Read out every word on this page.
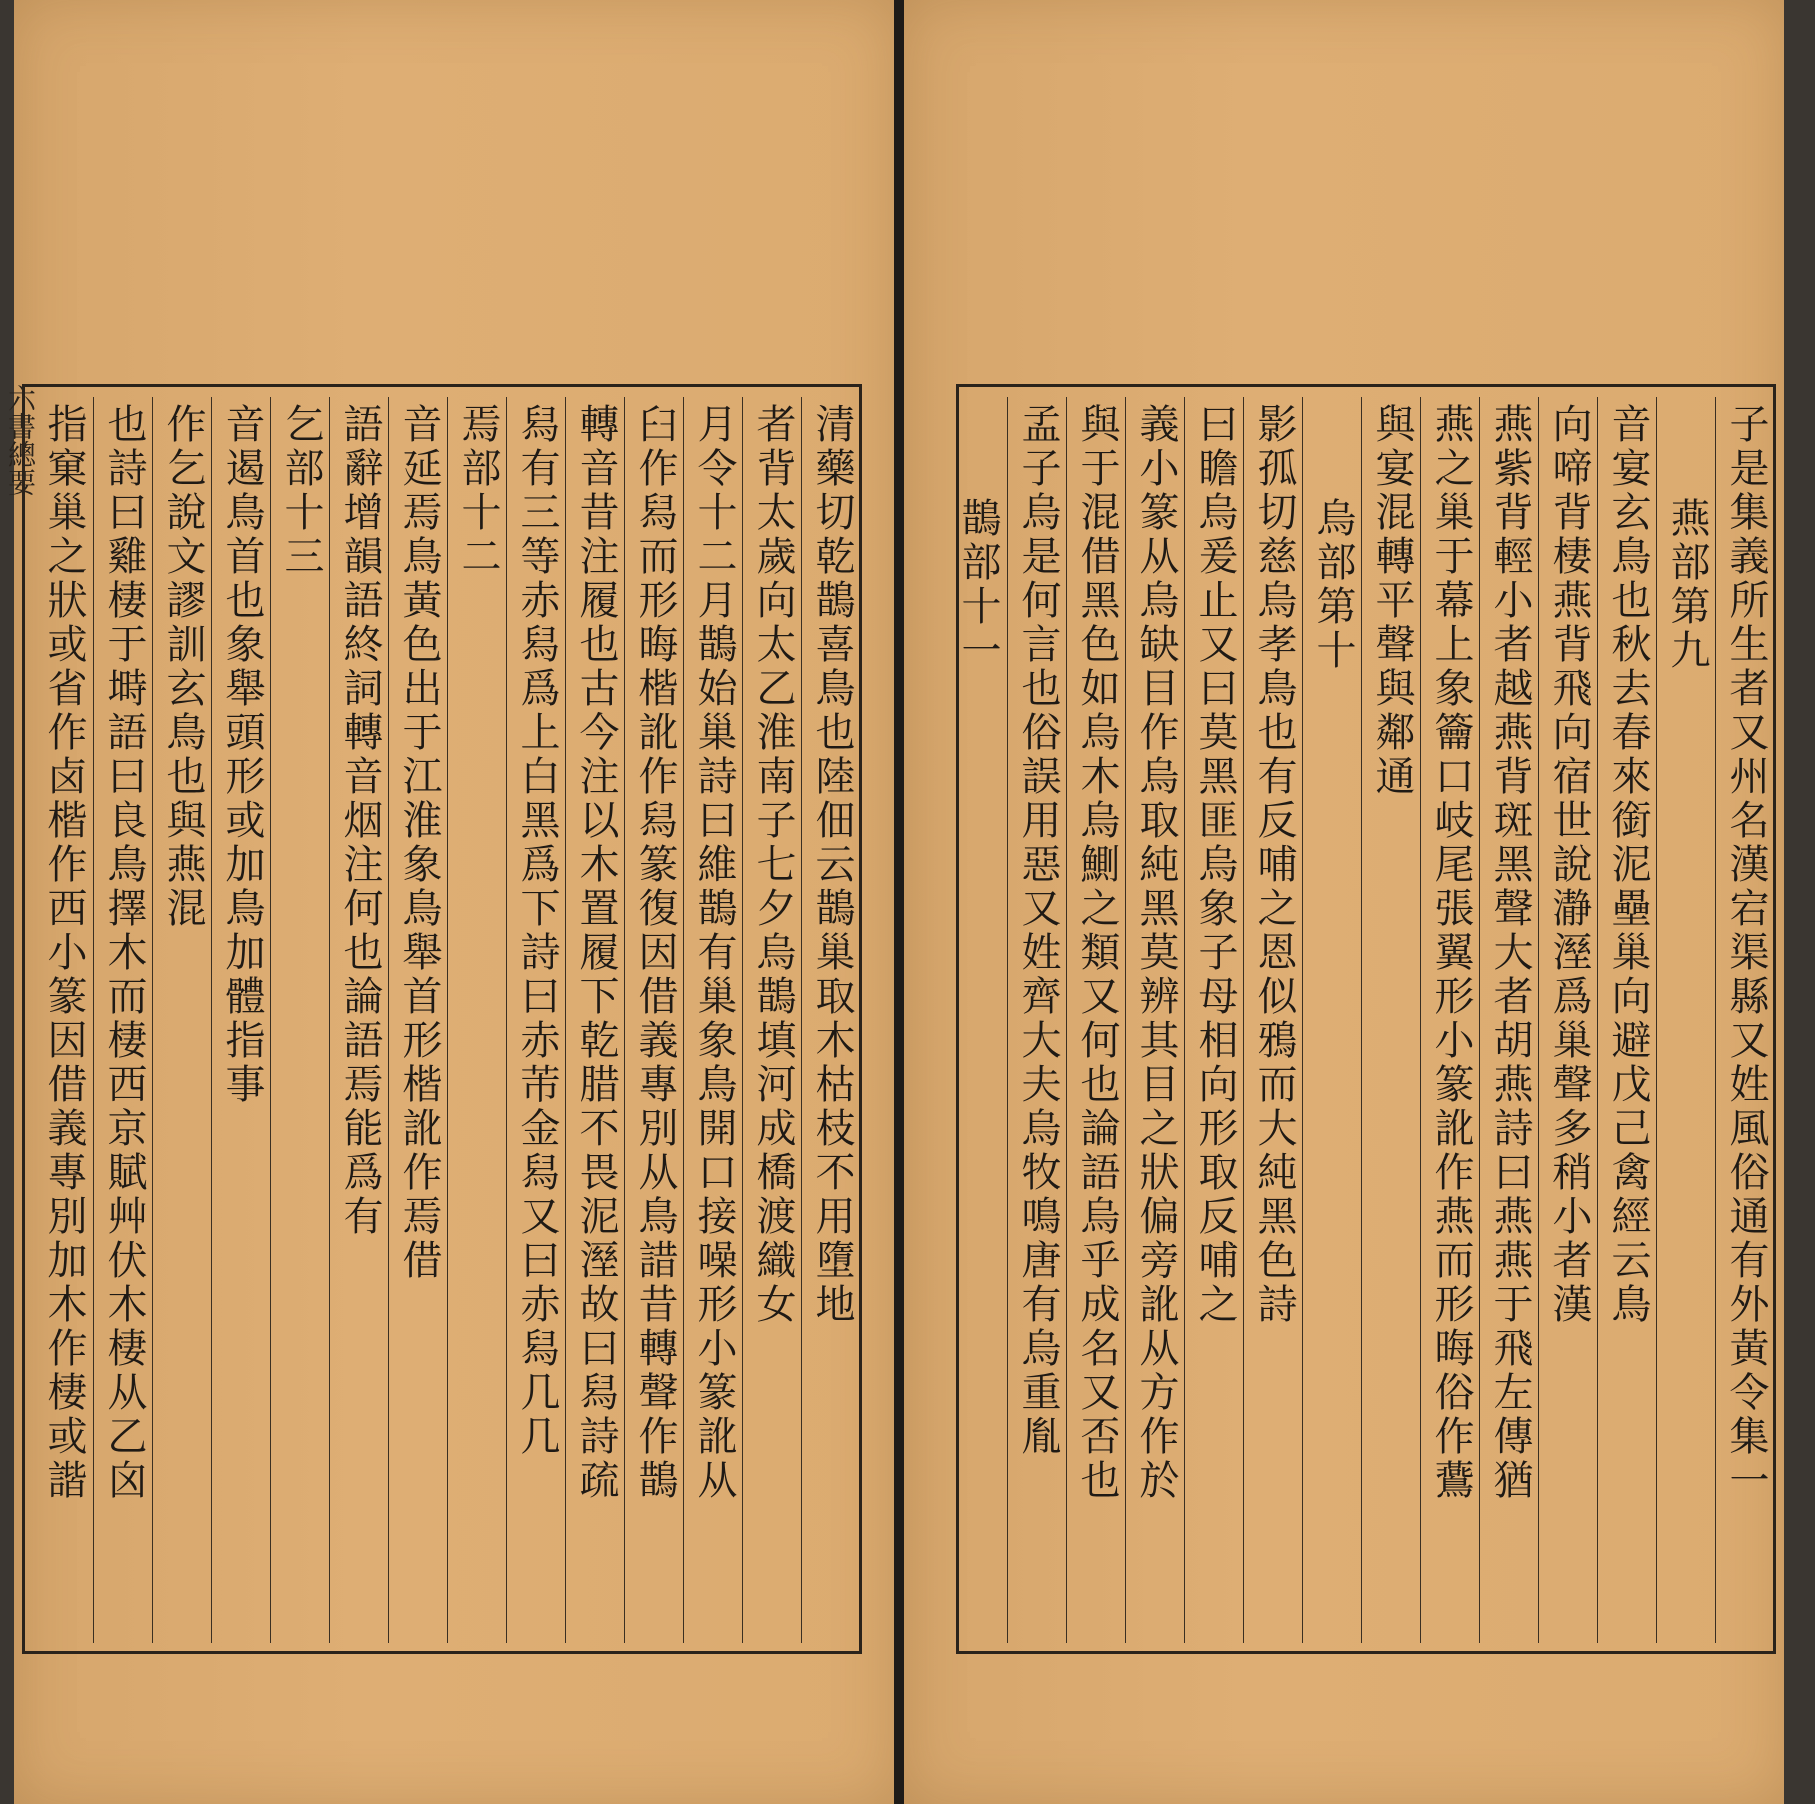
清藥切乾鵲喜鳥也陸佃云鵲巢取木枯枝不用墮地
者背太歲向太乙淮南子七夕烏鵲填河成橋渡織女
月令十二月鵲始巢詩曰維鵲有巢象鳥開口接噪形小篆訛从
臼作舄而形晦楷訛作舄篆復因借義專別从鳥諎昔轉聲作鵲
轉音昔注履也古今注以木置履下乾腊不畏泥溼故曰舄詩疏
舄有三等赤舄爲上白黑爲下詩曰赤芾金舄又曰赤舄几几
焉部十二
音延焉鳥黃色出于江淮象鳥舉首形楷訛作焉借
語辭增韻語終詞轉音烟注何也論語焉能爲有
乞部十三
音遏鳥首也象舉頭形或加鳥加體指事
作乞說文謬訓玄鳥也與燕混
也詩曰雞棲于塒語曰良鳥擇木而棲西京賦艸伏木棲从乙囟
指窠巢之狀或省作卤楷作西小篆因借義專別加木作棲或諧
六書總要	子是集義所生者又州名漢宕渠縣又姓風俗通有外黃令集一
燕部第九
音宴玄鳥也秋去春來銜泥壘巢向避戊己禽經云鳥
向啼背棲燕背飛向宿世說瀞溼爲巢聲多稍小者漢
燕紫背輕小者越燕背斑黑聲大者胡燕詩曰燕燕于飛左傳猶
燕之巢于幕上象籥口岐尾張翼形小篆訛作燕而形晦俗作鷰
與宴混轉平聲與鄰通
烏部第十
影孤切慈烏孝鳥也有反哺之恩似鴉而大純黑色詩
曰瞻烏爰止又曰莫黑匪烏象子母相向形取反哺之
義小篆从烏缺目作烏取純黑莫辨其目之狀偏旁訛从方作於
與于混借黑色如烏木烏鰂之類又何也論語烏乎成名又否也
孟子烏是何言也俗誤用惡又姓齊大夫烏牧鳴唐有烏重胤
鵲部十一
